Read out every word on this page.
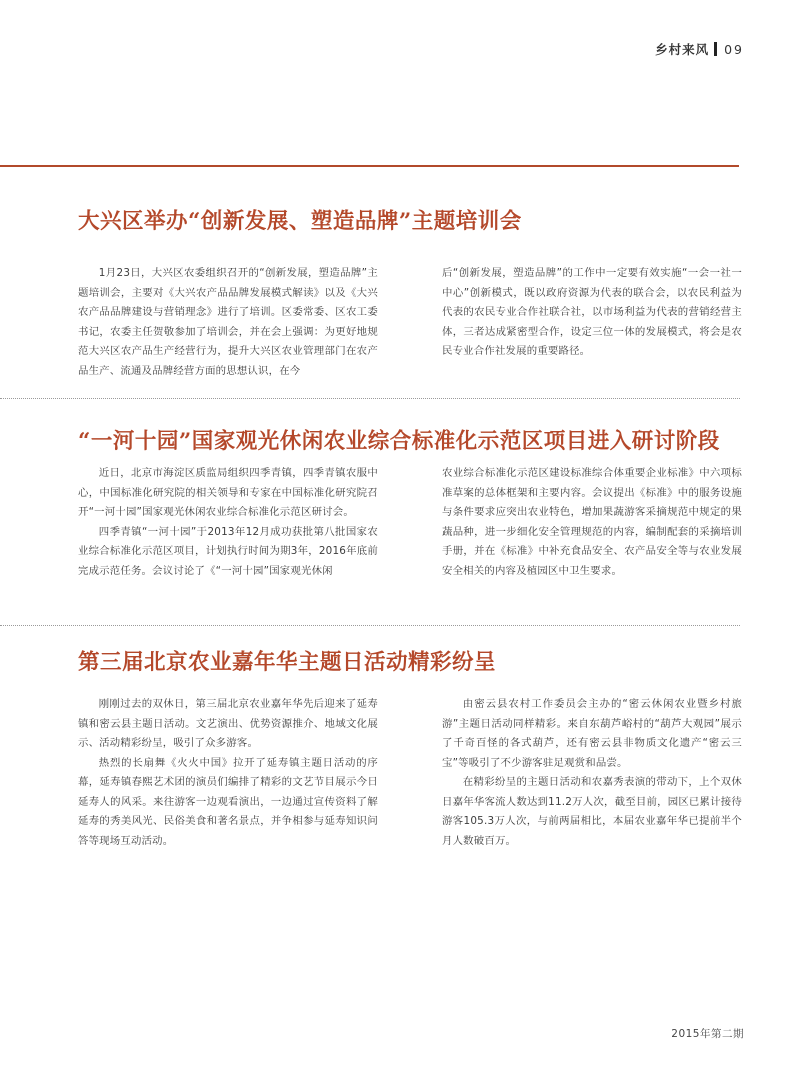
乡村来风 09
大兴区举办“创新发展、塑造品牌”主题培训会

1月23日，大兴区农委组织召开的“创新发展，塑造品牌”主题培训会，主要对《大兴农产品品牌发展模式解读》以及《大兴农产品品牌建设与营销理念》进行了培训。区委常委、区农工委书记，农委主任贺敬参加了培训会，并在会上强调：为更好地规范大兴区农产品生产经营行为，提升大兴区农业管理部门在农产品生产、流通及品牌经营方面的思想认识，在今

后“创新发展，塑造品牌”的工作中一定要有效实施“一会一社一中心”创新模式，既以政府资源为代表的联合会，以农民利益为代表的农民专业合作社联合社，以市场利益为代表的营销经营主体，三者达成紧密型合作，设定三位一体的发展模式，将会是农民专业合作社发展的重要路径。

“一河十园”国家观光休闲农业综合标准化示范区项目进入研讨阶段

近日，北京市海淀区质监局组织四季青镇，四季青镇农服中心，中国标准化研究院的相关领导和专家在中国标准化研究院召开“一河十园”国家观光休闲农业综合标准化示范区研讨会。

四季青镇“一河十园”于2013年12月成功获批第八批国家农业综合标准化示范区项目，计划执行时间为期3年，2016年底前完成示范任务。会议讨论了《“一河十园”国家观光休闲

农业综合标准化示范区建设标准综合体重要企业标准》中六项标准草案的总体框架和主要内容。会议提出《标准》中的服务设施与条件要求应突出农业特色，增加果蔬游客采摘规范中规定的果蔬品种，进一步细化安全管理规范的内容，编制配套的采摘培训手册，并在《标准》中补充食品安全、农产品安全等与农业发展安全相关的内容及植园区中卫生要求。

第三届北京农业嘉年华主题日活动精彩纷呈

刚刚过去的双休日，第三届北京农业嘉年华先后迎来了延寿镇和密云县主题日活动。文艺演出、优势资源推介、地域文化展示、活动精彩纷呈，吸引了众多游客。

热烈的长扇舞《火火中国》拉开了延寿镇主题日活动的序幕，延寿镇春熙艺术团的演员们编排了精彩的文艺节目展示今日延寿人的风采。来往游客一边观看演出，一边通过宣传资料了解延寿的秀美风光、民俗美食和著名景点，并争相参与延寿知识问答等现场互动活动。

由密云县农村工作委员会主办的“密云休闲农业暨乡村旅游”主题日活动同样精彩。来自东葫芦峪村的“葫芦大观园”展示了千奇百怪的各式葫芦，还有密云县非物质文化遗产“密云三宝”等吸引了不少游客驻足观赏和品尝。

在精彩纷呈的主题日活动和农嘉秀表演的带动下，上个双休日嘉年华客流人数达到11.2万人次，截至目前，园区已累计接待游客105.3万人次，与前两届相比，本届农业嘉年华已提前半个月人数破百万。

2015年第二期
